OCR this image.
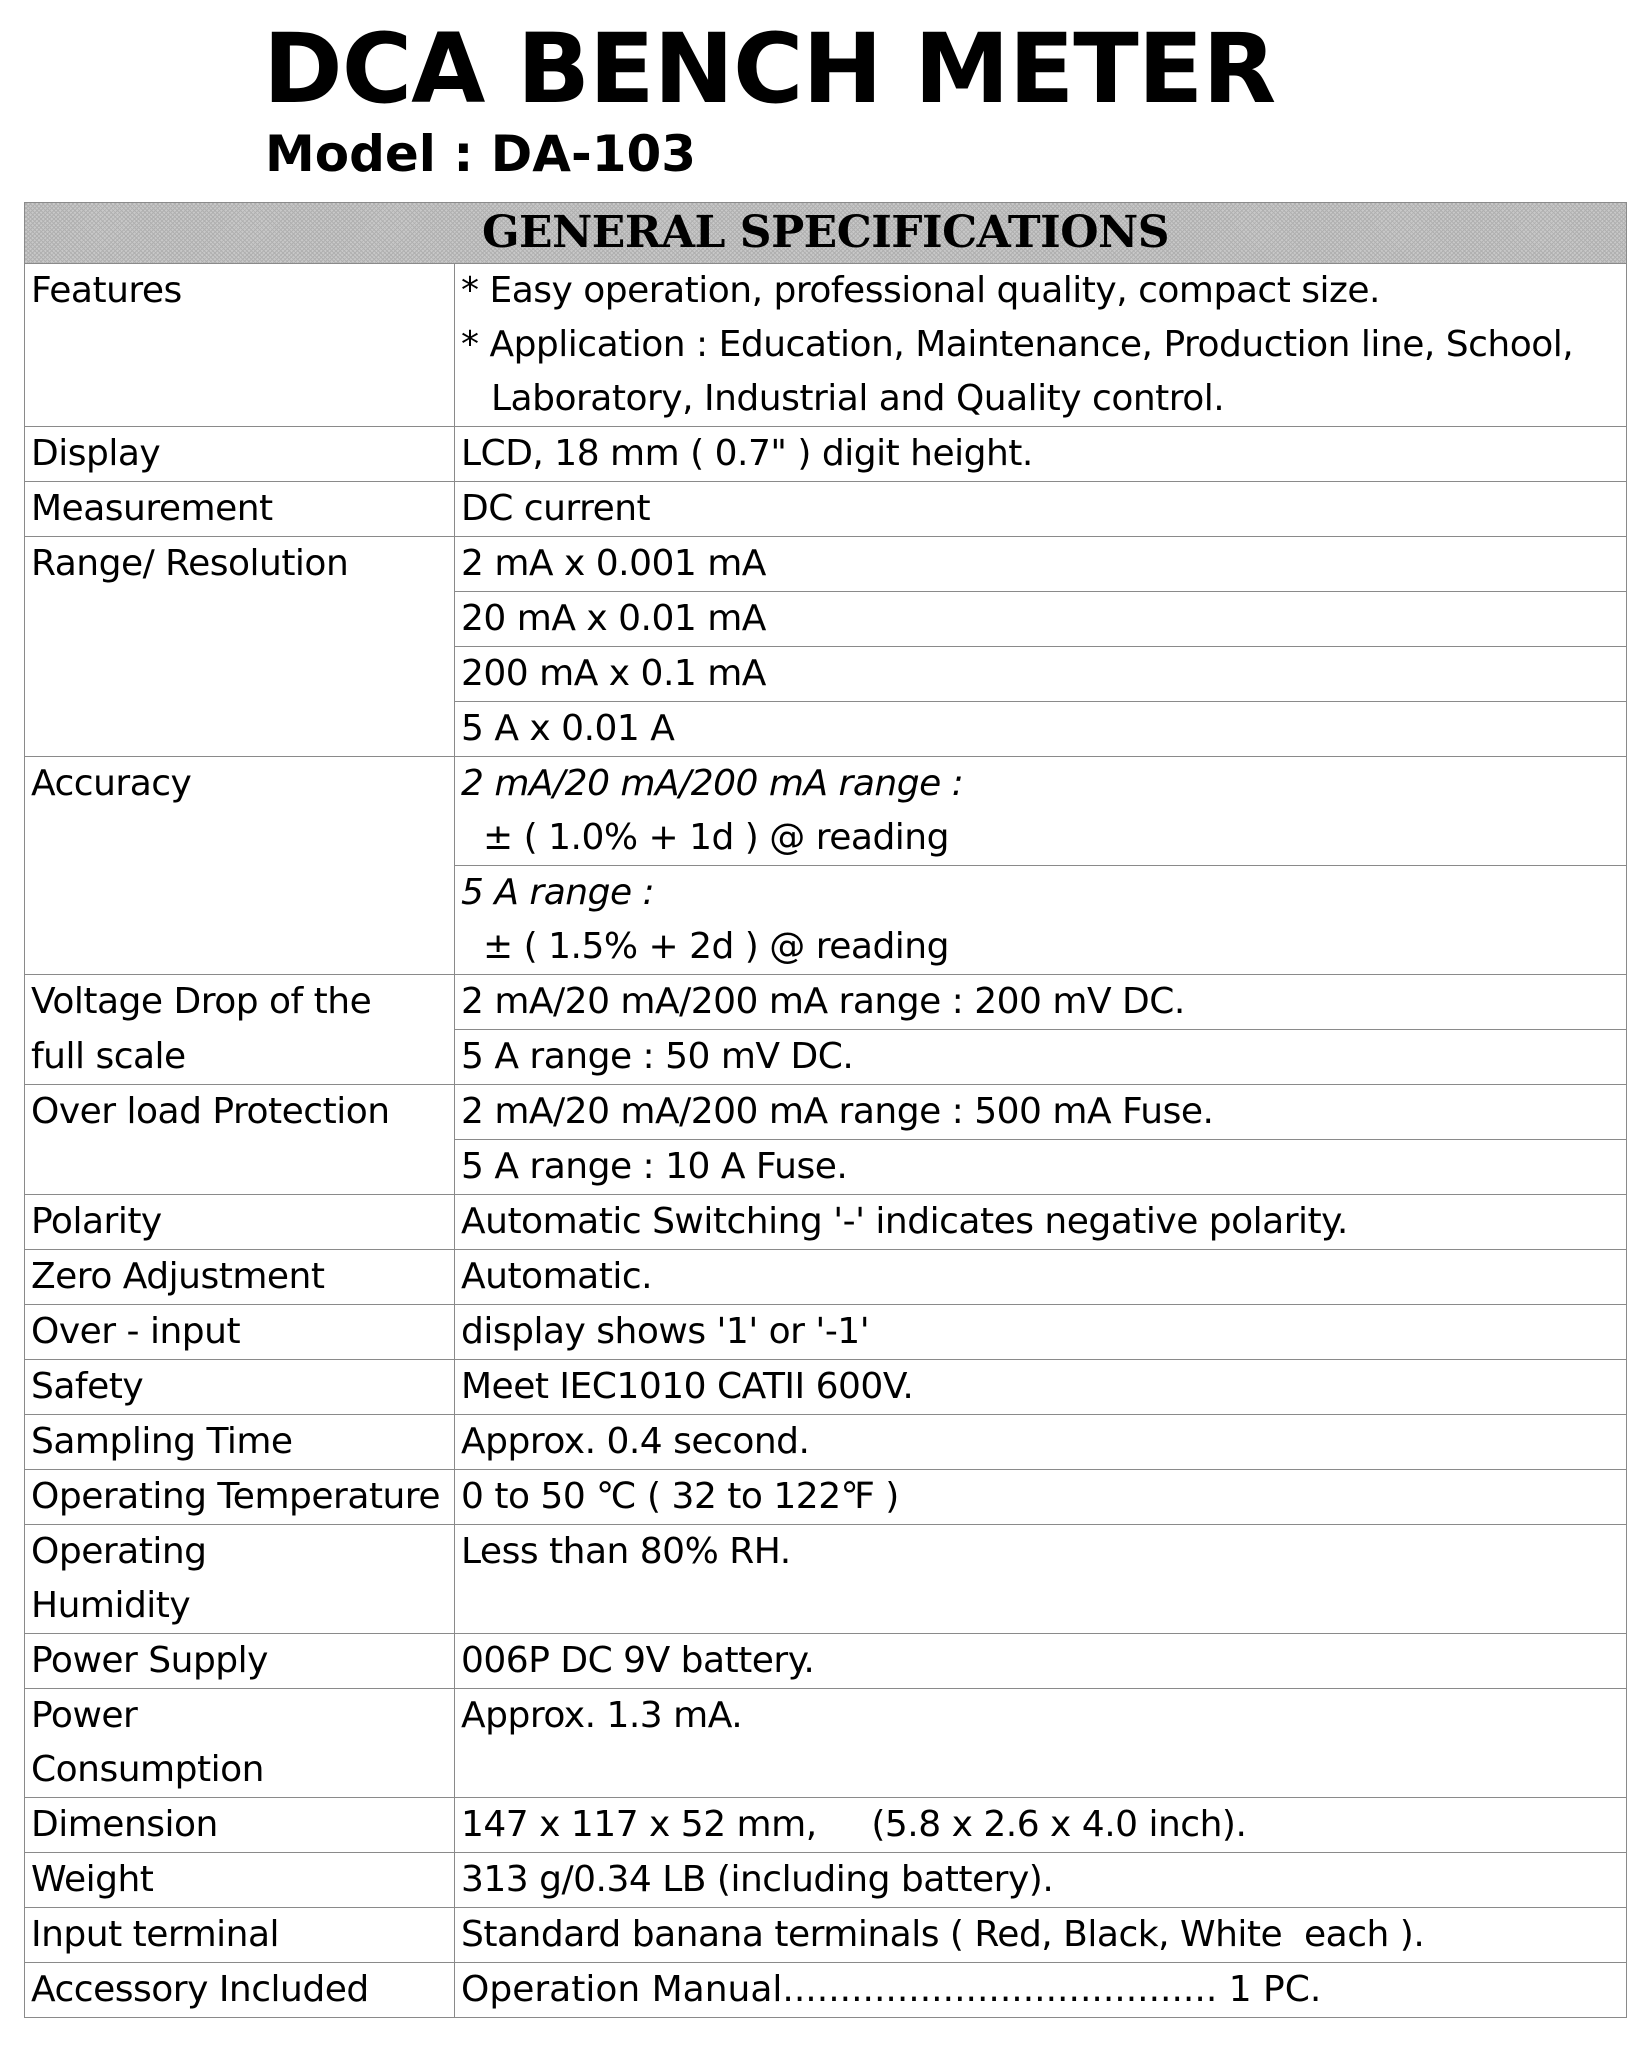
DCA BENCH METER
Model : DA-103
GENERAL SPECIFICATIONS	
Features	* Easy operation, professional quality, compact size.
* Application : Education, Maintenance, Production line, School,
Laboratory, Industrial and Quality control.

Display	LCD, 18 mm ( 0.7" ) digit height.
Measurement	DC current
Range/ Resolution	2 mA x 0.001 mA
	20 mA x 0.01 mA
	200 mA x 0.1 mA
	5 A x 0.01 A
Accuracy	2 mA/20 mA/200 mA range :
± ( 1.0% + 1d ) @ reading

	5 A range :
± ( 1.5% + 2d ) @ reading

Voltage Drop of the	2 mA/20 mA/200 mA range : 200 mV DC.
full scale	5 A range : 50 mV DC.
Over load Protection	2 mA/20 mA/200 mA range : 500 mA Fuse.
	5 A range : 10 A Fuse.
Polarity	Automatic Switching '-' indicates negative polarity.
Zero Adjustment	Automatic.
Over - input	display shows '1' or '-1'
Safety	Meet IEC1010 CATII 600V.
Sampling Time	Approx. 0.4 second.
Operating Temperature	0 to 50 ℃ ( 32 to 122℉ )

Operating
Humidity	Less than 80% RH.
Power Supply	006P DC 9V battery.

Power
Consumption	Approx. 1.3 mA.
Dimension	147 x 117 x 52 mm,     (5.8 x 2.6 x 4.0 inch).
Weight	313 g/0.34 LB (including battery).
Input terminal	Standard banana terminals ( Red, Black, White  each ).
Accessory Included	Operation Manual...................................... 1 PC.
